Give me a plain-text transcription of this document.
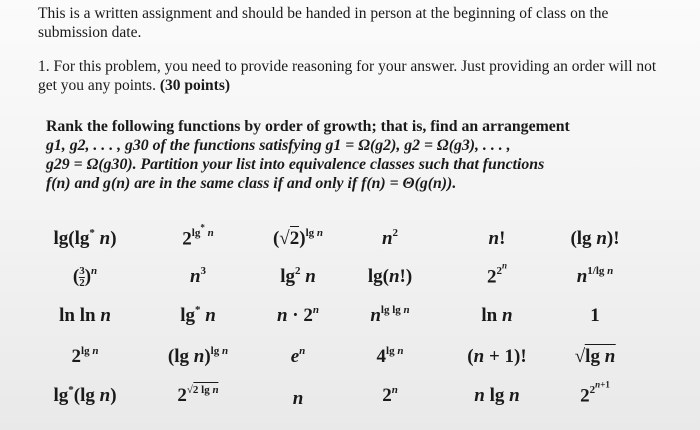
This is a written assignment and should be handed in person at the beginning of class on the submission date.
1. For this problem, you need to provide reasoning for your answer. Just providing an order will not get you any points. (30 points)
Rank the following functions by order of growth; that is, find an arrangement
g1, g2, . . . , g30 of the functions satisfying g1 = Ω(g2), g2 = Ω(g3), . . . ,
g29 = Ω(g30). Partition your list into equivalence classes such that functions
f(n) and g(n) are in the same class if and only if f(n) = Θ(g(n)).
lg(lg* n)	$2^{lg^* n}$	$(√2)^{lg n}$	$n^2$	n!	(lg n)!
( $\frac{3}{2} )^n$	$n^3$	$\lg^2 n$	lg(n!)	$2^{2^n}$	$n^{1/lg n}$
ln ln n	lg* n	$n \cdot 2^n$	$n^{lg lg n}$	ln n	1
$2^{lg n}$	(lg n)$^{lg n}$	$e^n$	$4^{lg n}$	(n + 1)!	√lg n
lg*(lg n)	$2^{√2 lg n}$	n	2$^n$	n lg n	$2^{2^{n+1}}$
